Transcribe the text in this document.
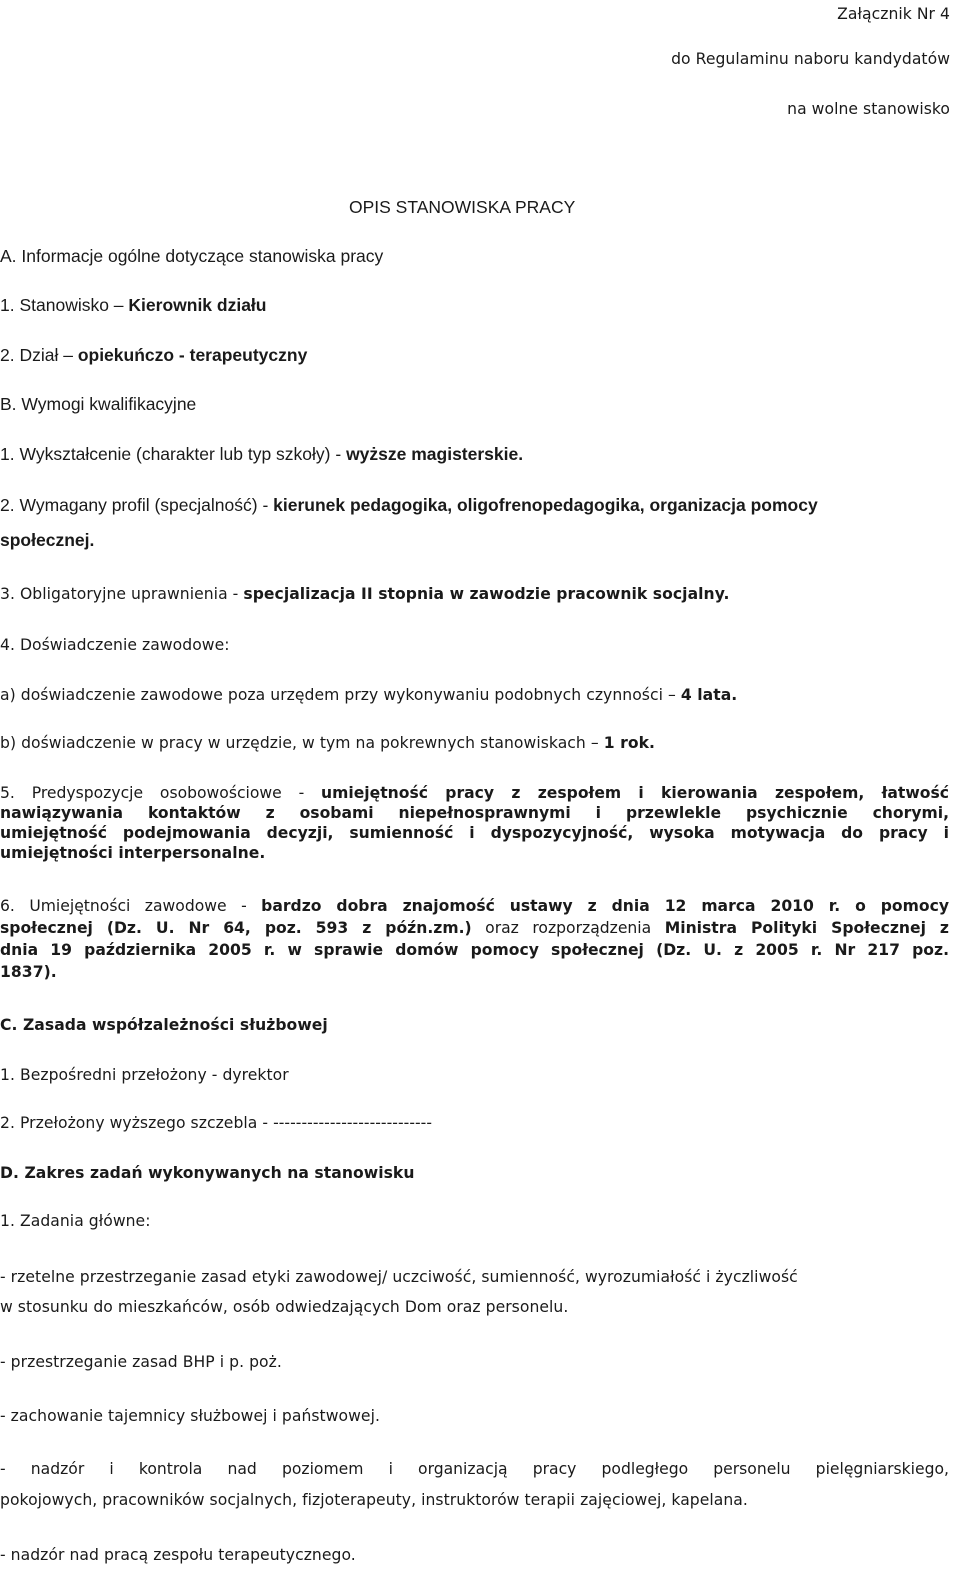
Załącznik Nr 4
do Regulaminu naboru kandydatów
na wolne stanowisko
OPIS STANOWISKA PRACY
A. Informacje ogólne dotyczące stanowiska pracy
1. Stanowisko – Kierownik działu
2. Dział – opiekuńczo - terapeutyczny
B. Wymogi kwalifikacyjne
1. Wykształcenie (charakter lub typ szkoły) - wyższe magisterskie.
2. Wymagany profil (specjalność) - kierunek pedagogika, oligofrenopedagogika, organizacja pomocy
społecznej.
3. Obligatoryjne uprawnienia - specjalizacja II stopnia w zawodzie pracownik socjalny.
4. Doświadczenie zawodowe:
a) doświadczenie zawodowe poza urzędem przy wykonywaniu podobnych czynności – 4 lata.
b) doświadczenie w pracy w urzędzie, w tym na pokrewnych stanowiskach – 1 rok.
5. Predyspozycje osobowościowe - umiejętność pracy z zespołem i kierowania zespołem, łatwość
nawiązywania kontaktów z osobami niepełnosprawnymi i przewlekle psychicznie chorymi,
umiejętność podejmowania decyzji, sumienność i dyspozycyjność, wysoka motywacja do pracy i
umiejętności interpersonalne.
6. Umiejętności zawodowe - bardzo dobra znajomość ustawy z dnia 12 marca 2010 r. o pomocy
społecznej (Dz. U. Nr 64, poz. 593 z późn.zm.) oraz rozporządzenia Ministra Polityki Społecznej z
dnia 19 października 2005 r. w sprawie domów pomocy społecznej (Dz. U. z 2005 r. Nr 217 poz.
1837).
C. Zasada współzależności służbowej
1. Bezpośredni przełożony - dyrektor
2. Przełożony wyższego szczebla - ----------------------------
D. Zakres zadań wykonywanych na stanowisku
1. Zadania główne:
- rzetelne przestrzeganie zasad etyki zawodowej/ uczciwość, sumienność, wyrozumiałość i życzliwość
w stosunku do mieszkańców, osób odwiedzających Dom oraz personelu.
- przestrzeganie zasad BHP i p. poż.
- zachowanie tajemnicy służbowej i państwowej.
- nadzór i kontrola nad poziomem i organizacją pracy podległego personelu pielęgniarskiego,
pokojowych, pracowników socjalnych, fizjoterapeuty, instruktorów terapii zajęciowej, kapelana.
- nadzór nad pracą zespołu terapeutycznego.
